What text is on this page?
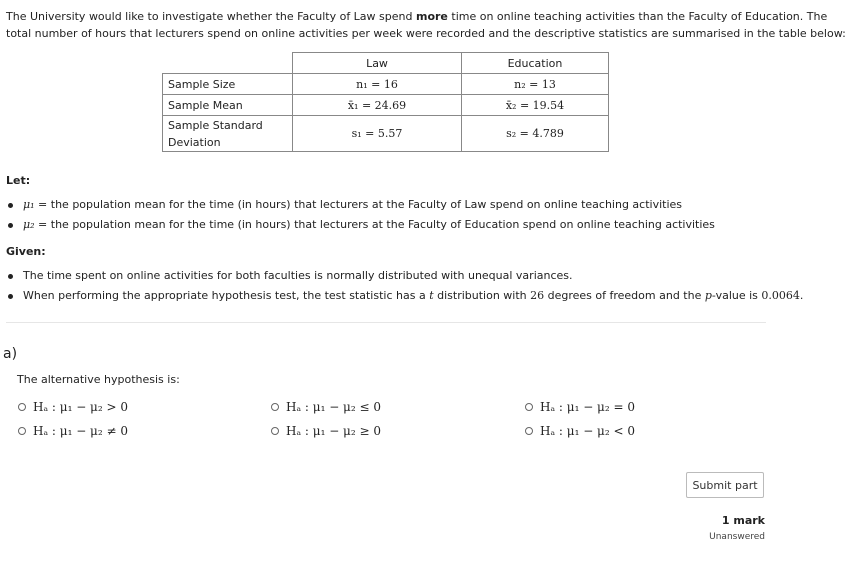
The University would like to investigate whether the Faculty of Law spend more time on online teaching activities than the Faculty of Education. The total number of hours that lecturers spend on online activities per week were recorded and the descriptive statistics are summarised in the table below:
	Law	Education
Sample Size	n₁ = 16	n₂ = 13
Sample Mean	x̄₁ = 24.69	x̄₂ = 19.54
Sample Standard Deviation	s₁ = 5.57	s₂ = 4.789
Let:
μ₁ = the population mean for the time (in hours) that lecturers at the Faculty of Law spend on online teaching activities
μ₂ = the population mean for the time (in hours) that lecturers at the Faculty of Education spend on online teaching activities
Given:
The time spent on online activities for both faculties is normally distributed with unequal variances.
When performing the appropriate hypothesis test, the test statistic has a t distribution with 26 degrees of freedom and the p-value is 0.0064.
a)
The alternative hypothesis is:
Hₐ : μ₁ − μ₂ > 0	Hₐ : μ₁ − μ₂ ≤ 0	Hₐ : μ₁ − μ₂ = 0
Hₐ : μ₁ − μ₂ ≠ 0	Hₐ : μ₁ − μ₂ ≥ 0	Hₐ : μ₁ − μ₂ < 0
Submit part
1 mark
Unanswered
